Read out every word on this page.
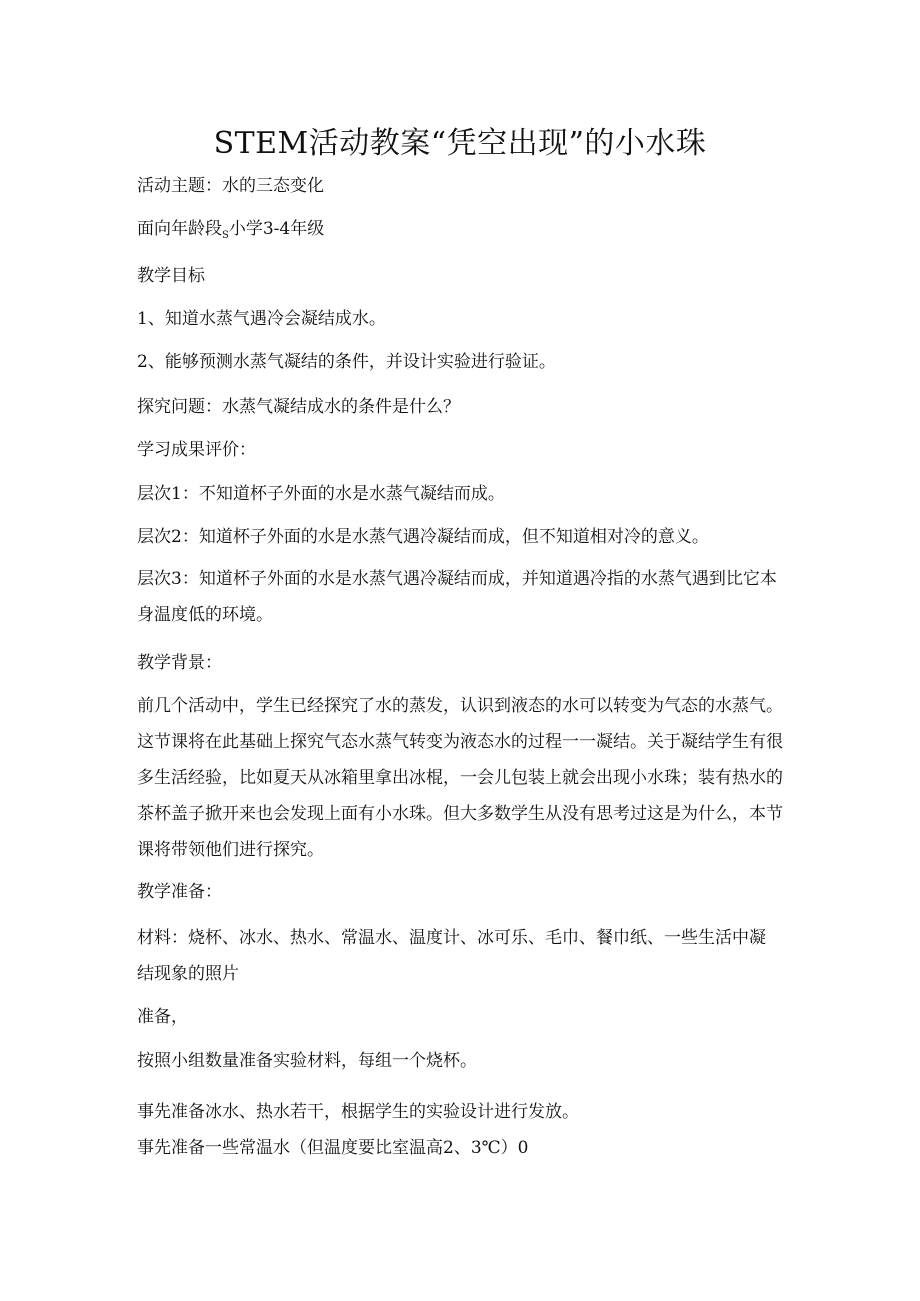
STEM活动教案“凭空出现”的小水珠
活动主题：水的三态变化
面向年龄段$_S$小学3-4年级
教学目标
1、知道水蒸气遇冷会凝结成水。
2、能够预测水蒸气凝结的条件，并设计实验进行验证。
探究问题：水蒸气凝结成水的条件是什么？
学习成果评价：
层次1：不知道杯子外面的水是水蒸气凝结而成。
层次2：知道杯子外面的水是水蒸气遇冷凝结而成，但不知道相对冷的意义。
层次3：知道杯子外面的水是水蒸气遇冷凝结而成，并知道遇冷指的水蒸气遇到比它本
身温度低的环境。
教学背景：
前几个活动中，学生已经探究了水的蒸发，认识到液态的水可以转变为气态的水蒸气。
这节课将在此基础上探究气态水蒸气转变为液态水的过程一一凝结。关于凝结学生有很
多生活经验，比如夏天从冰箱里拿出冰棍，一会儿包装上就会出现小水珠；装有热水的
茶杯盖子掀开来也会发现上面有小水珠。但大多数学生从没有思考过这是为什么，本节
课将带领他们进行探究。
教学准备：
材料：烧杯、冰水、热水、常温水、温度计、冰可乐、毛巾、餐巾纸、一些生活中凝
结现象的照片
准备，
按照小组数量准备实验材料，每组一个烧杯。
事先准备冰水、热水若干，根据学生的实验设计进行发放。
事先准备一些常温水（但温度要比室温高2、3℃）0
